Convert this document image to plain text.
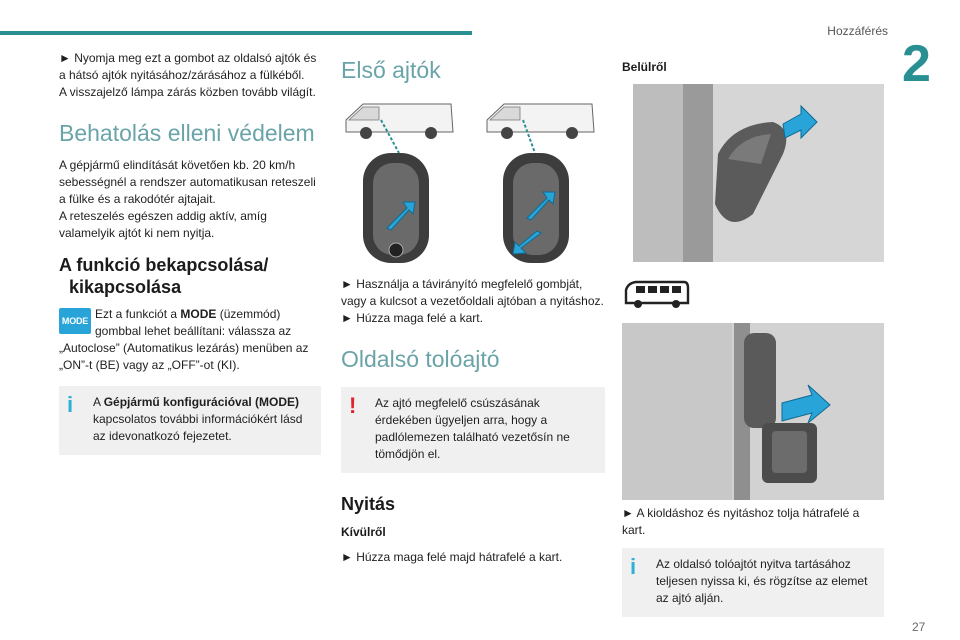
Hozzáférés
2
27
► Nyomja meg ezt a gombot az oldalsó ajtók és a hátsó ajtók nyitásához/zárásához a fülkéből.
A visszajelző lámpa zárás közben tovább világít.
Behatolás elleni védelem
A gépjármű elindítását követően kb. 20 km/h sebességnél a rendszer automatikusan reteszeli a fülke és a rakodótér ajtajait.
A reteszelés egészen addig aktív, amíg valamelyik ajtót ki nem nyitja.
A funkció bekapcsolása/
kikapcsolása
MODE Ezt a funkciót a MODE (üzemmód) gombbal lehet beállítani: válassza az „Autoclose” (Automatikus lezárás) menüben az „ON”-t (BE) vagy az „OFF”-ot (KI).
i	A Gépjármű konfigurációval (MODE) kapcsolatos további információkért lásd az idevonatkozó fejezetet.
Első ajtók
► Használja a távirányító megfelelő gombját, vagy a kulcsot a vezetőoldali ajtóban a nyitáshoz.
► Húzza maga felé a kart.
Oldalsó tolóajtó
!	Az ajtó megfelelő csúszásának érdekében ügyeljen arra, hogy a padlólemezen található vezetősín ne tömődjön el.
Nyitás
Kívülről
► Húzza maga felé majd hátrafelé a kart.
Belülről
► A kioldáshoz és nyitáshoz tolja hátrafelé a kart.
i	Az oldalsó tolóajtót nyitva tartásához teljesen nyissa ki, és rögzítse az elemet az ajtó alján.
